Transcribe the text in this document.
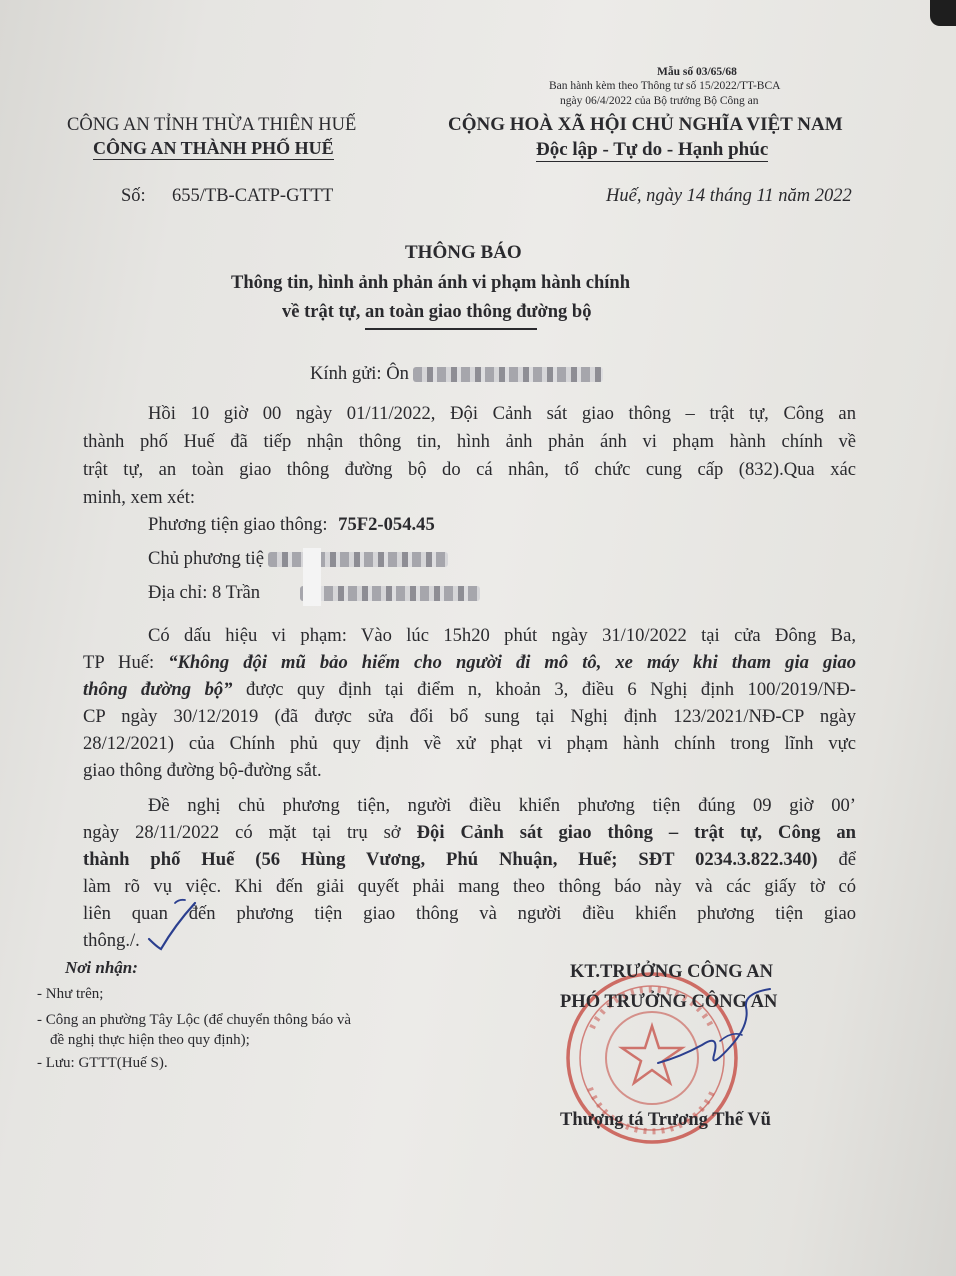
Mẫu số 03/65/68
Ban hành kèm theo Thông tư số 15/2022/TT-BCA
ngày 06/4/2022 của Bộ trưởng Bộ Công an
CÔNG AN TỈNH THỪA THIÊN HUẾ
CÔNG AN THÀNH PHỐ HUẾ
CỘNG HOÀ XÃ HỘI CHỦ NGHĨA VIỆT NAM
Độc lập - Tự do - Hạnh phúc
Số: 655/TB-CATP-GTTT	Huế, ngày 14 tháng 11 năm 2022
THÔNG BÁO
Thông tin, hình ảnh phản ánh vi phạm hành chính
về trật tự, an toàn giao thông đường bộ
Kính gửi: Ôn
Hồi 10 giờ 00 ngày 01/11/2022, Đội Cảnh sát giao thông – trật tự, Công an
thành phố Huế đã tiếp nhận thông tin, hình ảnh phản ánh vi phạm hành chính về
trật tự, an toàn giao thông đường bộ do cá nhân, tổ chức cung cấp (832).Qua xác
minh, xem xét:
Phương tiện giao thông: 75F2-054.45
Chủ phương tiệ
Địa chỉ: 8 Trần
Có dấu hiệu vi phạm: Vào lúc 15h20 phút ngày 31/10/2022 tại cửa Đông Ba,
TP Huế: “Không đội mũ bảo hiểm cho người đi mô tô, xe máy khi tham gia giao
thông đường bộ” được quy định tại điểm n, khoản 3, điều 6 Nghị định 100/2019/NĐ-
CP ngày 30/12/2019 (đã được sửa đổi bổ sung tại Nghị định 123/2021/NĐ-CP ngày
28/12/2021) của Chính phủ quy định về xử phạt vi phạm hành chính trong lĩnh vực
giao thông đường bộ-đường sắt.
Đề nghị chủ phương tiện, người điều khiển phương tiện đúng 09 giờ 00’
ngày 28/11/2022 có mặt tại trụ sở Đội Cảnh sát giao thông – trật tự, Công an
thành phố Huế (56 Hùng Vương, Phú Nhuận, Huế; SĐT 0234.3.822.340) để
làm rõ vụ việc. Khi đến giải quyết phải mang theo thông báo này và các giấy tờ có
liên quan đến phương tiện giao thông và người điều khiển phương tiện giao
thông./.
Nơi nhận:
- Như trên;
- Công an phường Tây Lộc (để chuyển thông báo và
đề nghị thực hiện theo quy định);
- Lưu: GTTT(Huế S).
KT.TRƯỞNG CÔNG AN
PHÓ TRƯỞNG CÔNG AN
Thượng tá Trương Thế Vũ
